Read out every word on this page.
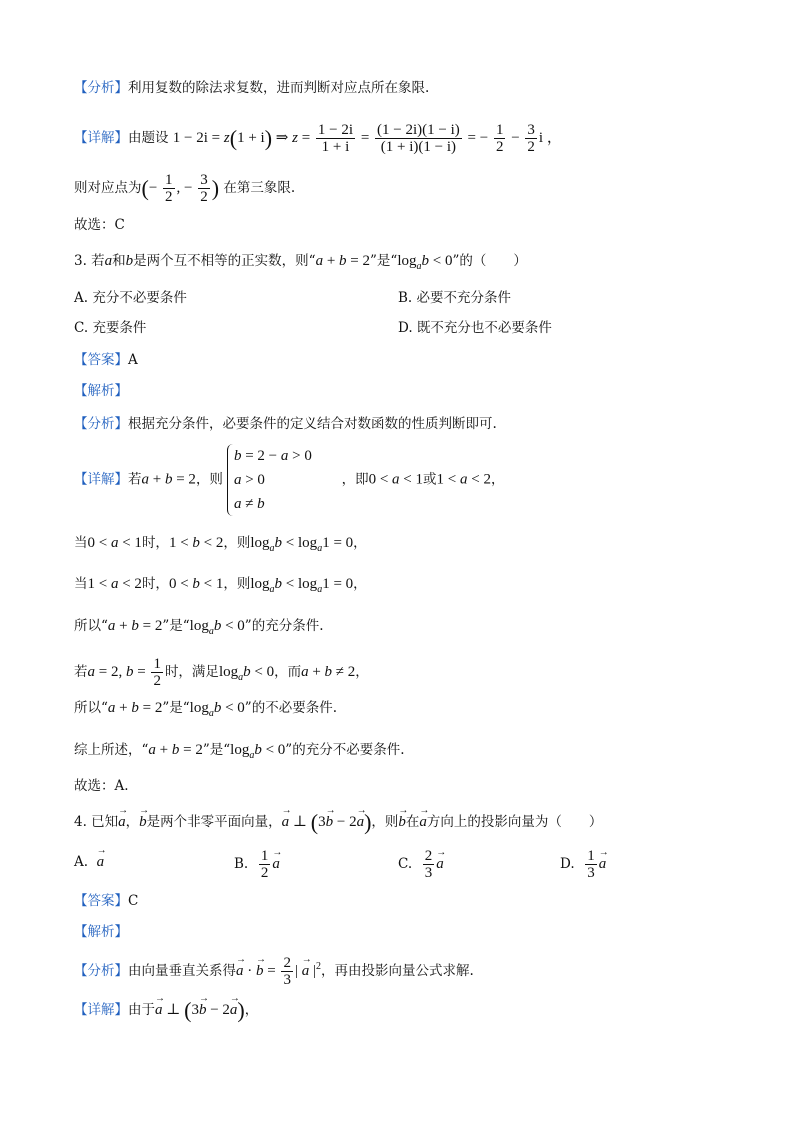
【分析】利用复数的除法求复数，进而判断对应点所在象限.
【详解】由题设 1 − 2i = z(1 + i) ⇒ $z = \frac{1 - 2i}{1 + i} = \frac{(1 - 2i)(1 - i)}{(1 + i)(1 - i)}$ = − $\frac{1}{2} - \frac{3}{2}$ i ，
则对应点为(− $\frac{1}{2}$ , − $\frac{3}{2}$ ) 在第三象限.
故选：C
3. 若a和b是两个互不相等的正实数，则“a + b = 2”是“$\log_ab < 0$”的（　　）
A. 充分不必要条件	B. 必要不充分条件
C. 充要条件	D. 既不充分也不必要条件
【答案】A
【解析】
【分析】根据充分条件，必要条件的定义结合对数函数的性质判断即可.
【详解】若a + b = 2，则b = 2 − a > 0
a > 0
a ≠ b      ，即0 < a < 1或1 < a < 2，
当0 < a < 1时，1 < b < 2，则$\log_ab < \log_a1 = 0$，
当1 < a < 2时，0 < b < 1，则$\log_ab < \log_a1 = 0$，
所以“a + b = 2”是“$\log_ab < 0$”的充分条件.
若a = 2, $b = \frac{1}{2}$ 时，满足$\log_ab < 0$，而a + b ≠ 2，
所以“a + b = 2”是“$\log_ab < 0$”的不必要条件.
综上所述，“a + b = 2”是“$\log_ab < 0$”的充分不必要条件.
故选：A.
4. 已知→ a，→ b是两个非零平面向量，→ a ⊥ (3→ b − 2→ a)，则→ b在→ a方向上的投影向量为（　　）
A.  → a	B. $\frac{1}{2}$
→ a	C. $\frac{2}{3}$
→ a	D. $\frac{1}{3}$
→ a
【答案】C
【解析】
【分析】由向量垂直关系得→ a · → $b = \frac{2}{3}$ | → a $|^2$，再由投影向量公式求解.
【详解】由于→ a ⊥ (3→ b − 2→ a)，
